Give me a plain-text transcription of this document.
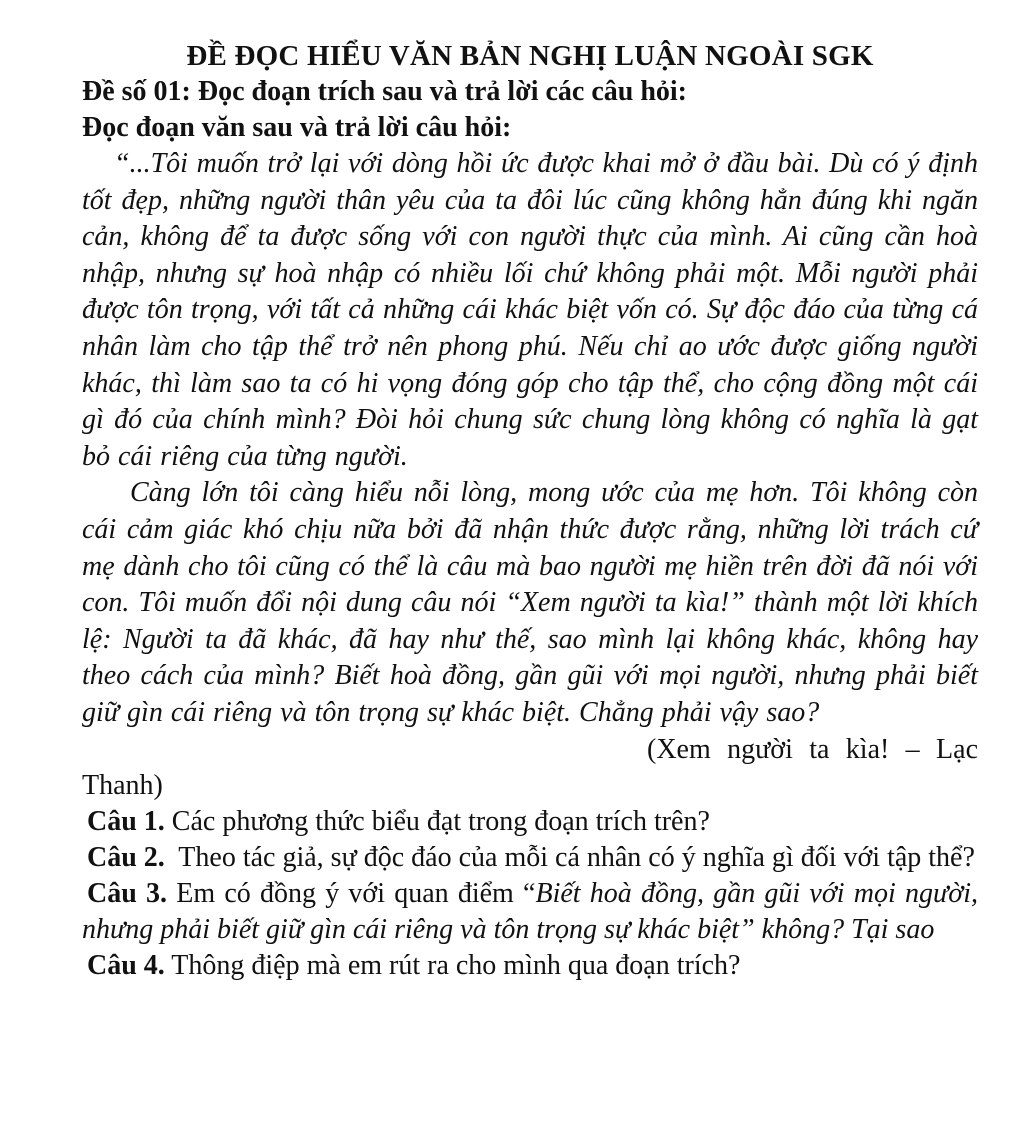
ĐỀ ĐỌC HIỂU VĂN BẢN NGHỊ LUẬN NGOÀI SGK

Đề số 01: Đọc đoạn trích sau và trả lời các câu hỏi:

Đọc đoạn văn sau và trả lời câu hỏi:

“...Tôi muốn trở lại với dòng hồi ức được khai mở ở đầu bài. Dù có ý định tốt đẹp, những người thân yêu của ta đôi lúc cũng không hẳn đúng khi ngăn cản, không để ta được sống với con người thực của mình. Ai cũng cần hoà nhập, nhưng sự hoà nhập có nhiều lối chứ không phải một. Mỗi người phải được tôn trọng, với tất cả những cái khác biệt vốn có. Sự độc đáo của từng cá nhân làm cho tập thể trở nên phong phú. Nếu chỉ ao ước được giống người khác, thì làm sao ta có hi vọng đóng góp cho tập thể, cho cộng đồng một cái gì đó của chính mình? Đòi hỏi chung sức chung lòng không có nghĩa là gạt bỏ cái riêng của từng người.

Càng lớn tôi càng hiểu nỗi lòng, mong ước của mẹ hơn. Tôi không còn cái cảm giác khó chịu nữa bởi đã nhận thức được rằng, những lời trách cứ mẹ dành cho tôi cũng có thể là câu mà bao người mẹ hiền trên đời đã nói với con. Tôi muốn đổi nội dung câu nói “Xem người ta kìa!” thành một lời khích lệ: Người ta đã khác, đã hay như thế, sao mình lại không khác, không hay theo cách của mình? Biết hoà đồng, gần gũi với mọi người, nhưng phải biết giữ gìn cái riêng và tôn trọng sự khác biệt. Chẳng phải vậy sao?

(Xem người ta kìa! – Lạc Thanh)

Câu 1. Các phương thức biểu đạt trong đoạn trích trên?

Câu 2. Theo tác giả, sự độc đáo của mỗi cá nhân có ý nghĩa gì đối với tập thể?

Câu 3. Em có đồng ý với quan điểm “Biết hoà đồng, gần gũi với mọi người, nhưng phải biết giữ gìn cái riêng và tôn trọng sự khác biệt” không? Tại sao

Câu 4. Thông điệp mà em rút ra cho mình qua đoạn trích?
